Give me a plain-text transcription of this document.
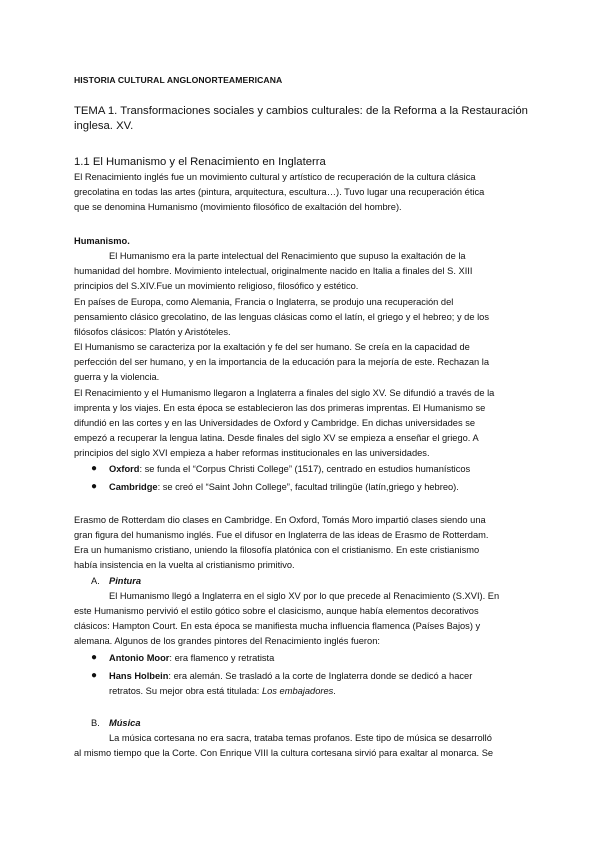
HISTORIA CULTURAL ANGLONORTEAMERICANA
TEMA 1. Transformaciones sociales y cambios culturales: de la Reforma a la Restauración
inglesa. XV.
1.1 El Humanismo y el Renacimiento en Inglaterra
El Renacimiento inglés fue un movimiento cultural y artístico de recuperación de la cultura clásica
grecolatina en todas las artes (pintura, arquitectura, escultura…). Tuvo lugar una recuperación ética
que se denomina Humanismo (movimiento filosófico de exaltación del hombre).
Humanismo.
El Humanismo era la parte intelectual del Renacimiento que supuso la exaltación de la
humanidad del hombre. Movimiento intelectual, originalmente nacido en Italia a finales del S. XIII
principios del S.XIV.Fue un movimiento religioso, filosófico y estético.
En países de Europa, como Alemania, Francia o Inglaterra, se produjo una recuperación del
pensamiento clásico grecolatino, de las lenguas clásicas como el latín, el griego y el hebreo; y de los
filósofos clásicos: Platón y Aristóteles.
El Humanismo se caracteriza por la exaltación y fe del ser humano. Se creía en la capacidad de
perfección del ser humano, y en la importancia de la educación para la mejoría de este. Rechazan la
guerra y la violencia.
El Renacimiento y el Humanismo llegaron a Inglaterra a finales del siglo XV. Se difundió a través de la
imprenta y los viajes. En esta época se establecieron las dos primeras imprentas. El Humanismo se
difundió en las cortes y en las Universidades de Oxford y Cambridge. En dichas universidades se
empezó a recuperar la lengua latina. Desde finales del siglo XV se empieza a enseñar el griego. A
principios del siglo XVI empieza a haber reformas institucionales en las universidades.
● Oxford: se funda el “Corpus Christi College” (1517), centrado en estudios humanísticos
● Cambridge: se creó el “Saint John College”, facultad trilingüe (latín,griego y hebreo).
Erasmo de Rotterdam dio clases en Cambridge. En Oxford, Tomás Moro impartió clases siendo una
gran figura del humanismo inglés. Fue el difusor en Inglaterra de las ideas de Erasmo de Rotterdam.
Era un humanismo cristiano, uniendo la filosofía platónica con el cristianismo. En este cristianismo
había insistencia en la vuelta al cristianismo primitivo.
A. Pintura
El Humanismo llegó a Inglaterra en el siglo XV por lo que precede al Renacimiento (S.XVI). En
este Humanismo pervivió el estilo gótico sobre el clasicismo, aunque había elementos decorativos
clásicos: Hampton Court. En esta época se manifiesta mucha influencia flamenca (Países Bajos) y
alemana. Algunos de los grandes pintores del Renacimiento inglés fueron:
● Antonio Moor: era flamenco y retratista
● Hans Holbein: era alemán. Se trasladó a la corte de Inglaterra donde se dedicó a hacer
retratos. Su mejor obra está titulada: Los embajadores.
B. Música
La música cortesana no era sacra, trataba temas profanos. Este tipo de música se desarrolló
al mismo tiempo que la Corte. Con Enrique VIII la cultura cortesana sirvió para exaltar al monarca. Se
